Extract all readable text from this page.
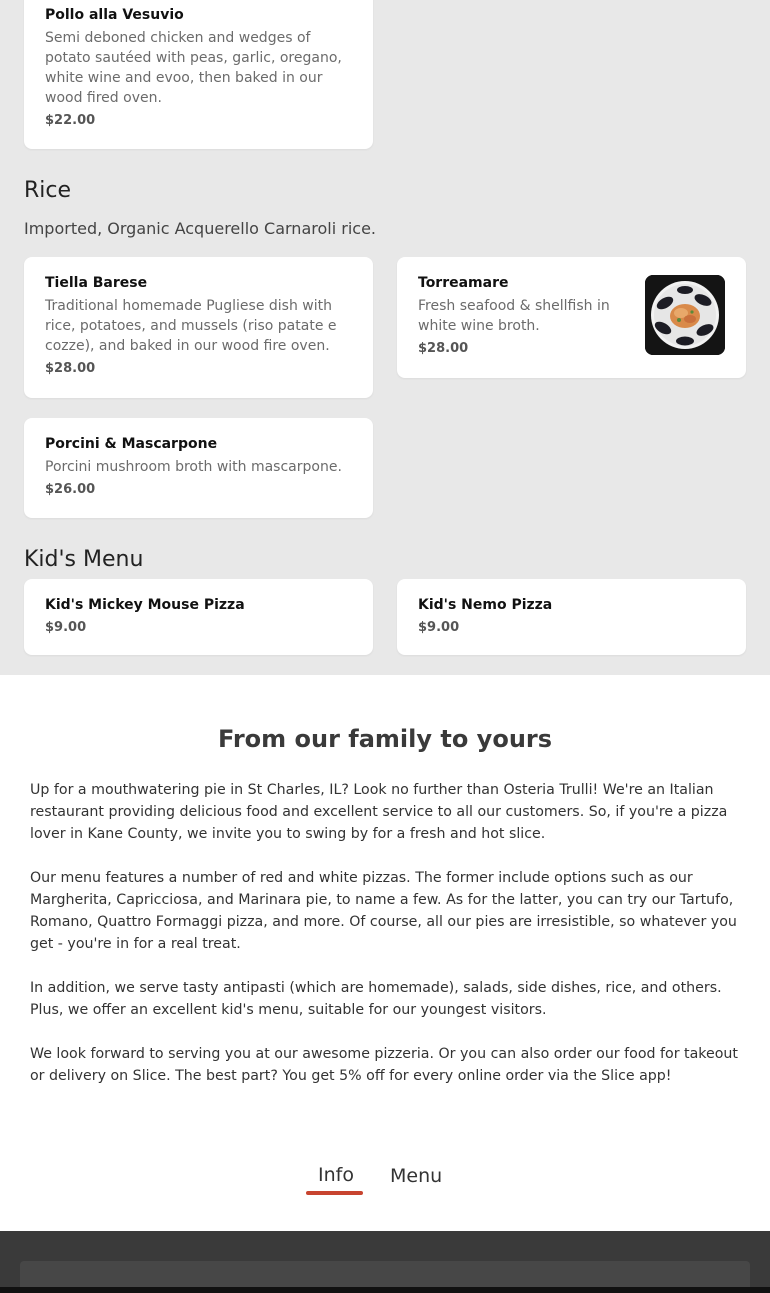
Pollo alla Vesuvio
Semi deboned chicken and wedges of potato sautéed with peas, garlic, oregano, white wine and evoo, then baked in our wood fired oven.
$22.00
Rice
Imported, Organic Acquerello Carnaroli rice.
Tiella Barese
Traditional homemade Pugliese dish with rice, potatoes, and mussels (riso patate e cozze), and baked in our wood fire oven.
$28.00
Torreamare
Fresh seafood & shellfish in white wine broth.
$28.00
Porcini & Mascarpone
Porcini mushroom broth with mascarpone.
$26.00
Kid's Menu
Kid's Mickey Mouse Pizza
$9.00
Kid's Nemo Pizza
$9.00
From our family to yours

Up for a mouthwatering pie in St Charles, IL? Look no further than Osteria Trulli! We're an Italian restaurant providing delicious food and excellent service to all our customers. So, if you're a pizza lover in Kane County, we invite you to swing by for a fresh and hot slice.

Our menu features a number of red and white pizzas. The former include options such as our Margherita, Capricciosa, and Marinara pie, to name a few. As for the latter, you can try our Tartufo, Romano, Quattro Formaggi pizza, and more. Of course, all our pies are irresistible, so whatever you get - you're in for a real treat.

In addition, we serve tasty antipasti (which are homemade), salads, side dishes, rice, and others. Plus, we offer an excellent kid's menu, suitable for our youngest visitors.

We look forward to serving you at our awesome pizzeria. Or you can also order our food for takeout or delivery on Slice. The best part? You get 5% off for every online order via the Slice app!

Info Menu
